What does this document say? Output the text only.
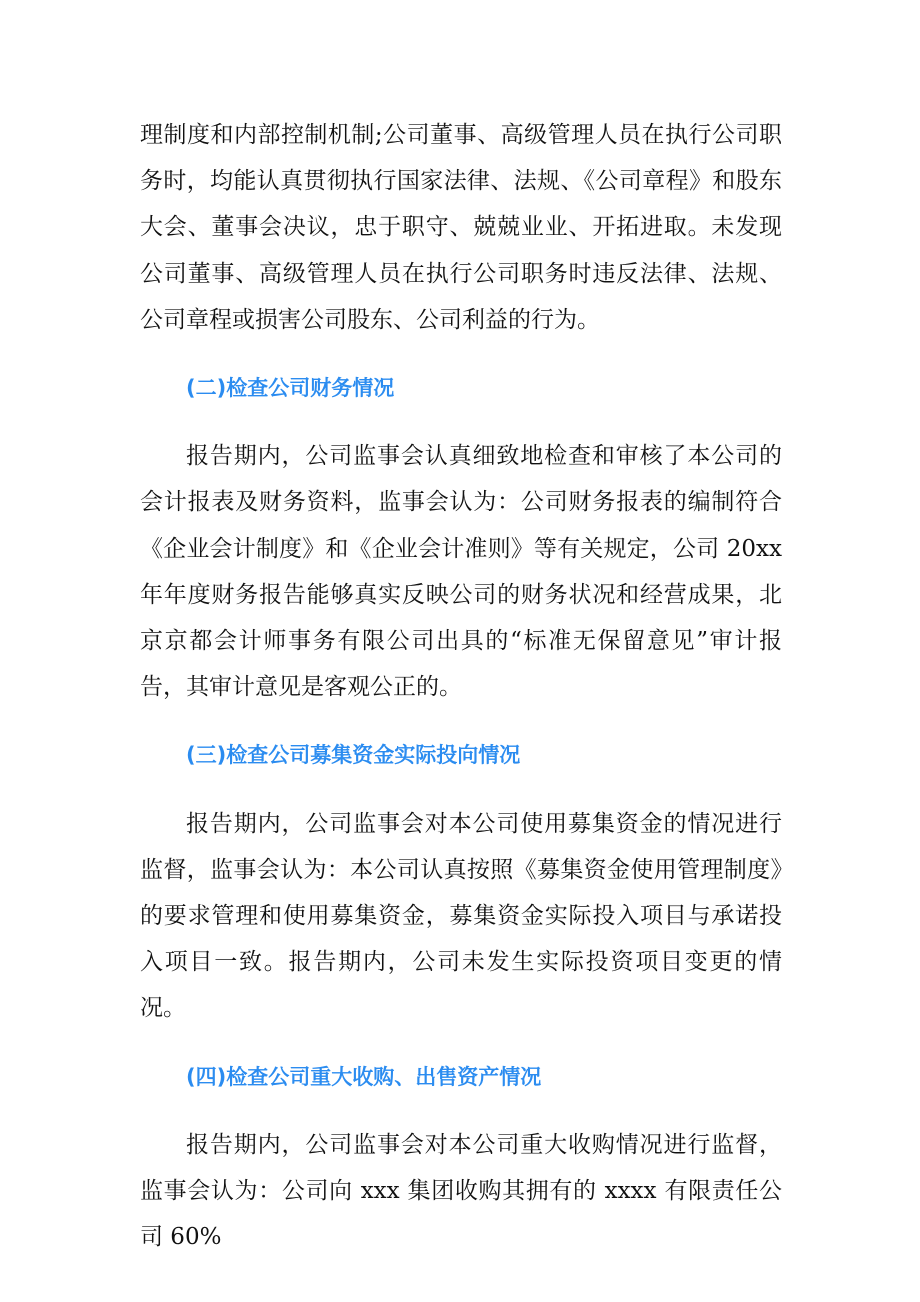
理制度和内部控制机制;公司董事、高级管理人员在执行公司职务时，均能认真贯彻执行国家法律、法规、《公司章程》和股东大会、董事会决议，忠于职守、兢兢业业、开拓进取。未发现公司董事、高级管理人员在执行公司职务时违反法律、法规、公司章程或损害公司股东、公司利益的行为。

(二)检查公司财务情况

报告期内，公司监事会认真细致地检查和审核了本公司的会计报表及财务资料，监事会认为：公司财务报表的编制符合《企业会计制度》和《企业会计准则》等有关规定，公司 20xx 年年度财务报告能够真实反映公司的财务状况和经营成果，北京京都会计师事务有限公司出具的“标准无保留意见”审计报告，其审计意见是客观公正的。

(三)检查公司募集资金实际投向情况

报告期内，公司监事会对本公司使用募集资金的情况进行监督，监事会认为：本公司认真按照《募集资金使用管理制度》的要求管理和使用募集资金，募集资金实际投入项目与承诺投入项目一致。报告期内，公司未发生实际投资项目变更的情况。

(四)检查公司重大收购、出售资产情况

报告期内，公司监事会对本公司重大收购情况进行监督，监事会认为：公司向 xxx 集团收购其拥有的 xxxx 有限责任公司 60%
